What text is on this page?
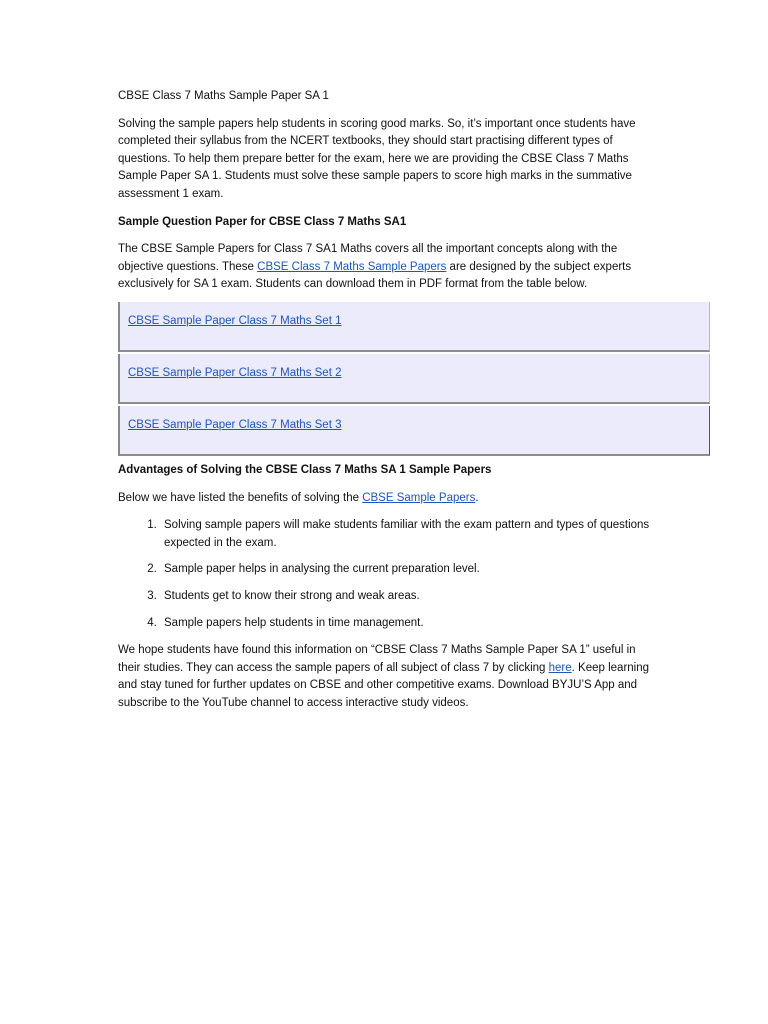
CBSE Class 7 Maths Sample Paper SA 1

Solving the sample papers help students in scoring good marks. So, it’s important once students have completed their syllabus from the NCERT textbooks, they should start practising different types of questions. To help them prepare better for the exam, here we are providing the CBSE Class 7 Maths Sample Paper SA 1. Students must solve these sample papers to score high marks in the summative assessment 1 exam.

Sample Question Paper for CBSE Class 7 Maths SA1

The CBSE Sample Papers for Class 7 SA1 Maths covers all the important concepts along with the objective questions. These CBSE Class 7 Maths Sample Papers are designed by the subject experts exclusively for SA 1 exam. Students can download them in PDF format from the table below.

CBSE Sample Paper Class 7 Maths Set 1
CBSE Sample Paper Class 7 Maths Set 2
CBSE Sample Paper Class 7 Maths Set 3

Advantages of Solving the CBSE Class 7 Maths SA 1 Sample Papers

Below we have listed the benefits of solving the CBSE Sample Papers.

1. Solving sample papers will make students familiar with the exam pattern and types of questions expected in the exam.
2. Sample paper helps in analysing the current preparation level.
3. Students get to know their strong and weak areas.
4. Sample papers help students in time management.

We hope students have found this information on “CBSE Class 7 Maths Sample Paper SA 1” useful in their studies. They can access the sample papers of all subject of class 7 by clicking here. Keep learning and stay tuned for further updates on CBSE and other competitive exams. Download BYJU’S App and subscribe to the YouTube channel to access interactive study videos.
